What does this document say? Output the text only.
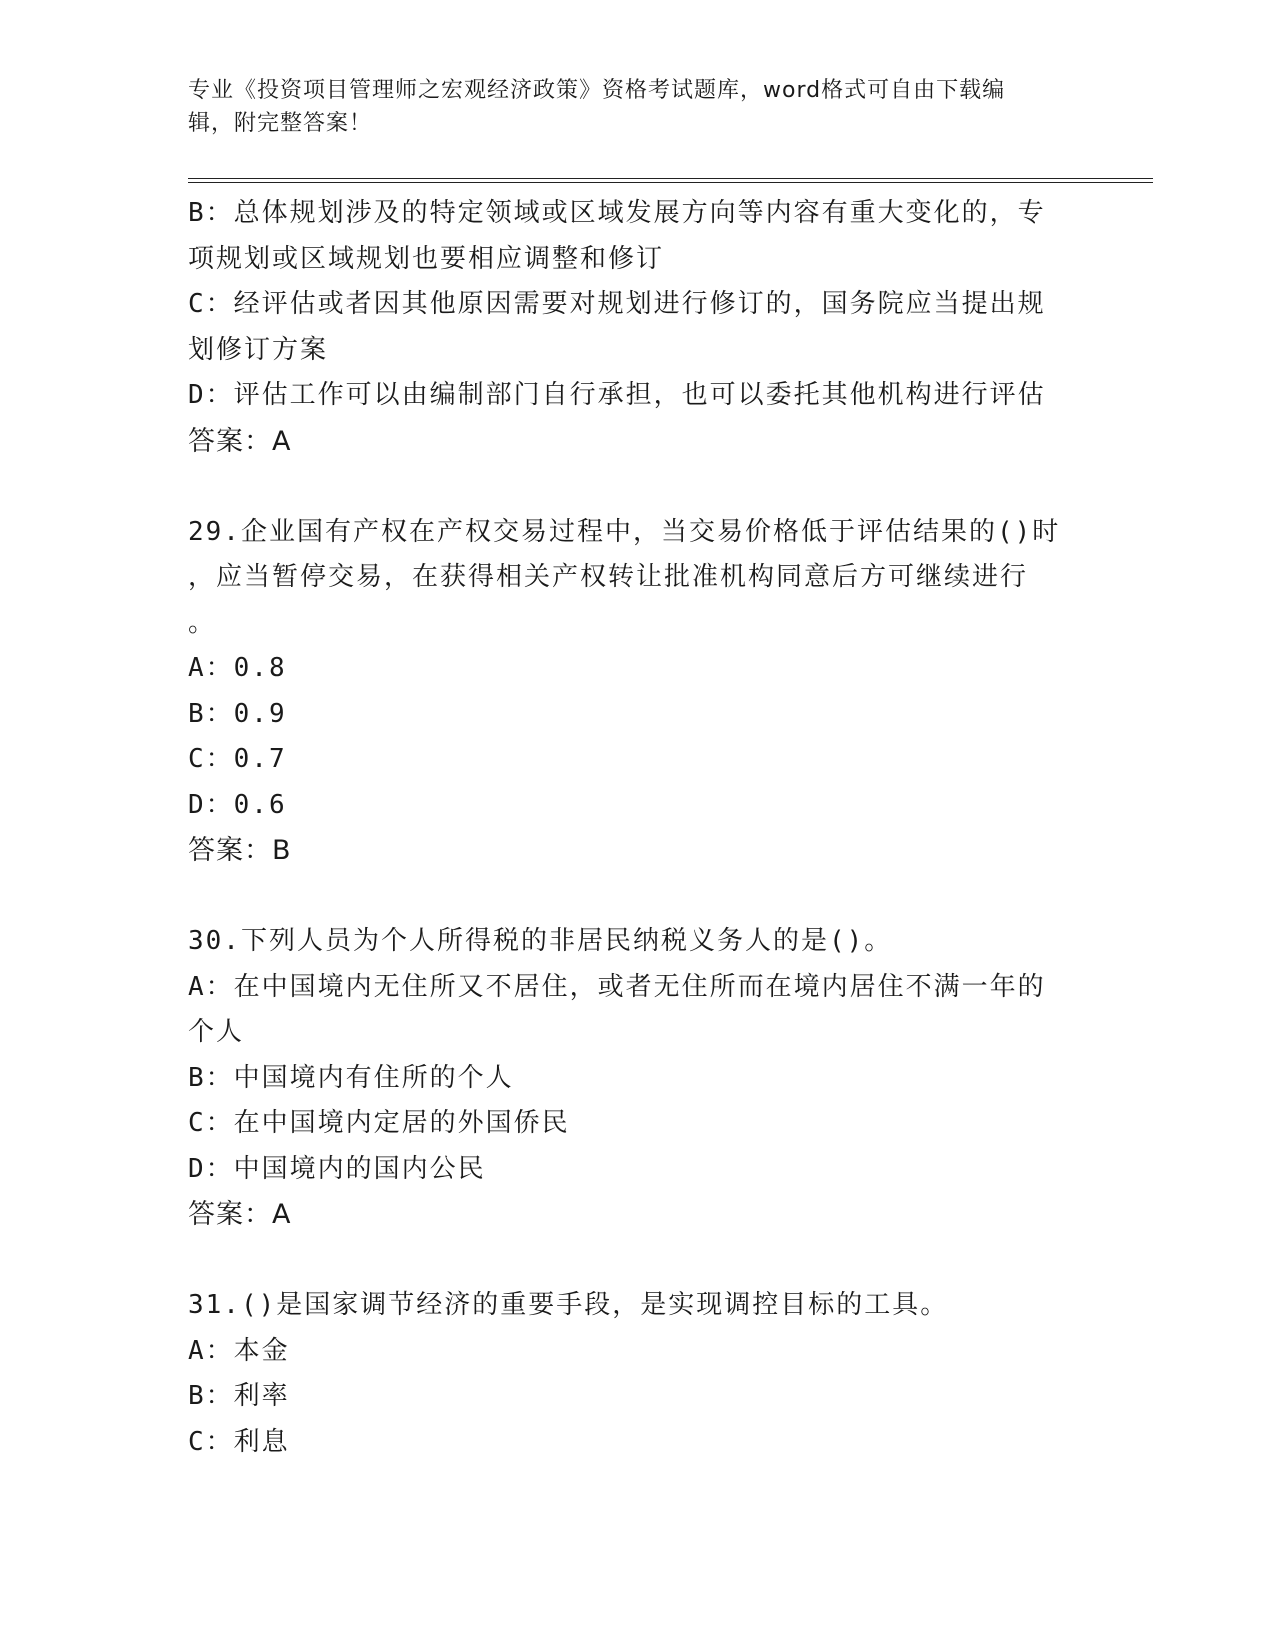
专业《投资项目管理师之宏观经济政策》资格考试题库，word格式可自由下载编
辑，附完整答案！
B：总体规划涉及的特定领域或区域发展方向等内容有重大变化的，专
项规划或区域规划也要相应调整和修订
C：经评估或者因其他原因需要对规划进行修订的，国务院应当提出规
划修订方案
D：评估工作可以由编制部门自行承担，也可以委托其他机构进行评估
答案：A
29.企业国有产权在产权交易过程中，当交易价格低于评估结果的()时
，应当暂停交易，在获得相关产权转让批准机构同意后方可继续进行
。
A：0.8
B：0.9
C：0.7
D：0.6
答案：B
30.下列人员为个人所得税的非居民纳税义务人的是()。
A：在中国境内无住所又不居住，或者无住所而在境内居住不满一年的
个人
B：中国境内有住所的个人
C：在中国境内定居的外国侨民
D：中国境内的国内公民
答案：A
31.()是国家调节经济的重要手段，是实现调控目标的工具。
A：本金
B：利率
C：利息
